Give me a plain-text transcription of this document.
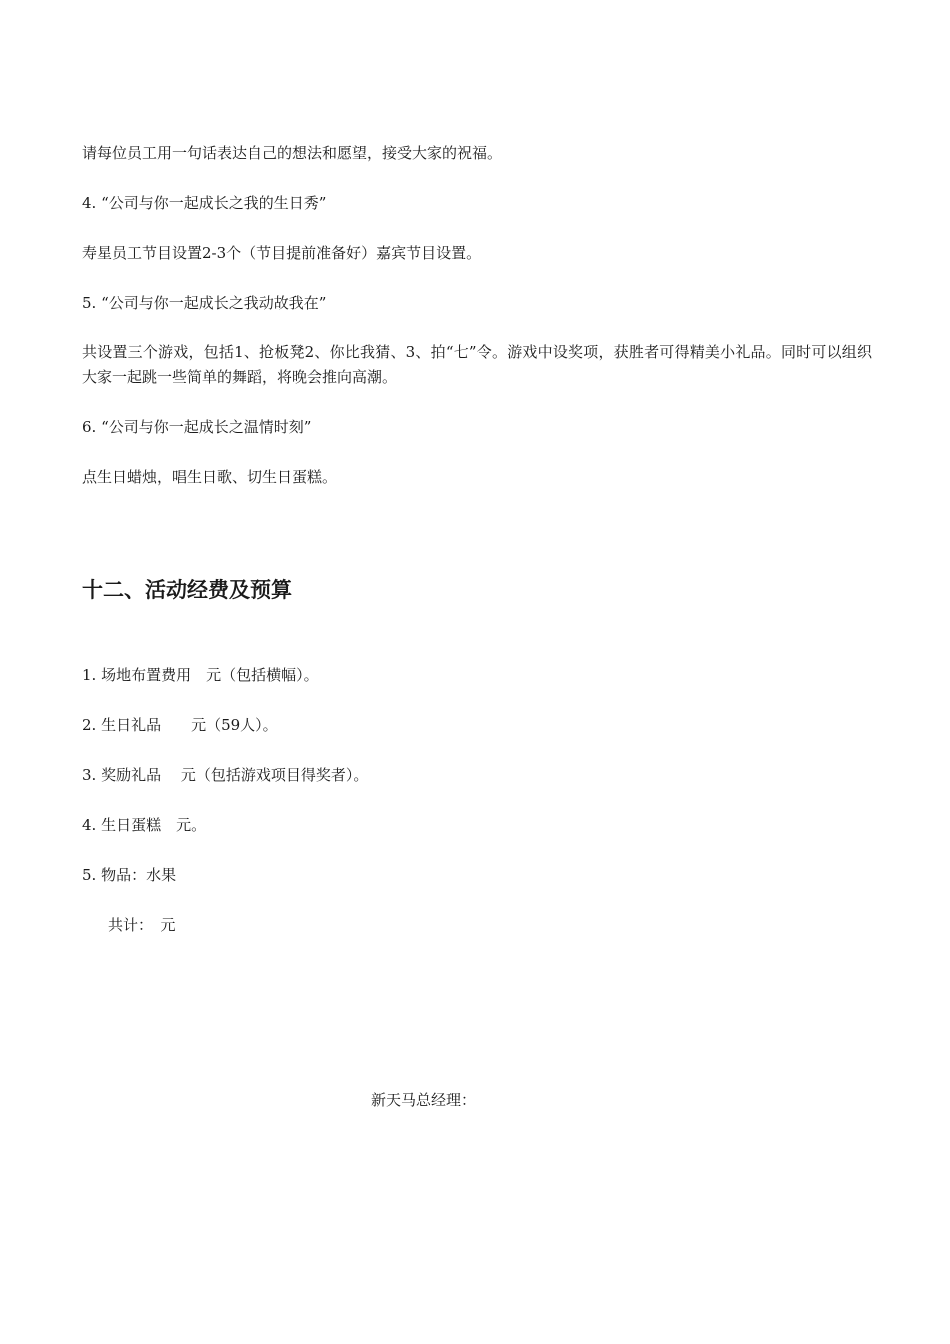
请每位员工用一句话表达自己的想法和愿望，接受大家的祝福。
4. “公司与你一起成长之我的生日秀”
寿星员工节目设置2-3个（节目提前准备好）嘉宾节目设置。
5. “公司与你一起成长之我动故我在”
共设置三个游戏，包括1、抢板凳2、你比我猜、3、拍“七”令。游戏中设奖项，获胜者可得精美小礼品。同时可以组织大家一起跳一些简单的舞蹈，将晚会推向高潮。
6. “公司与你一起成长之温情时刻”
点生日蜡烛，唱生日歌、切生日蛋糕。
十二、活动经费及预算
1. 场地布置费用　元（包括横幅）。
2. 生日礼品　　元（59人）。
3. 奖励礼品　 元（包括游戏项目得奖者）。
4. 生日蛋糕　元。
5. 物品：水果
共计：　元
新天马总经理：
